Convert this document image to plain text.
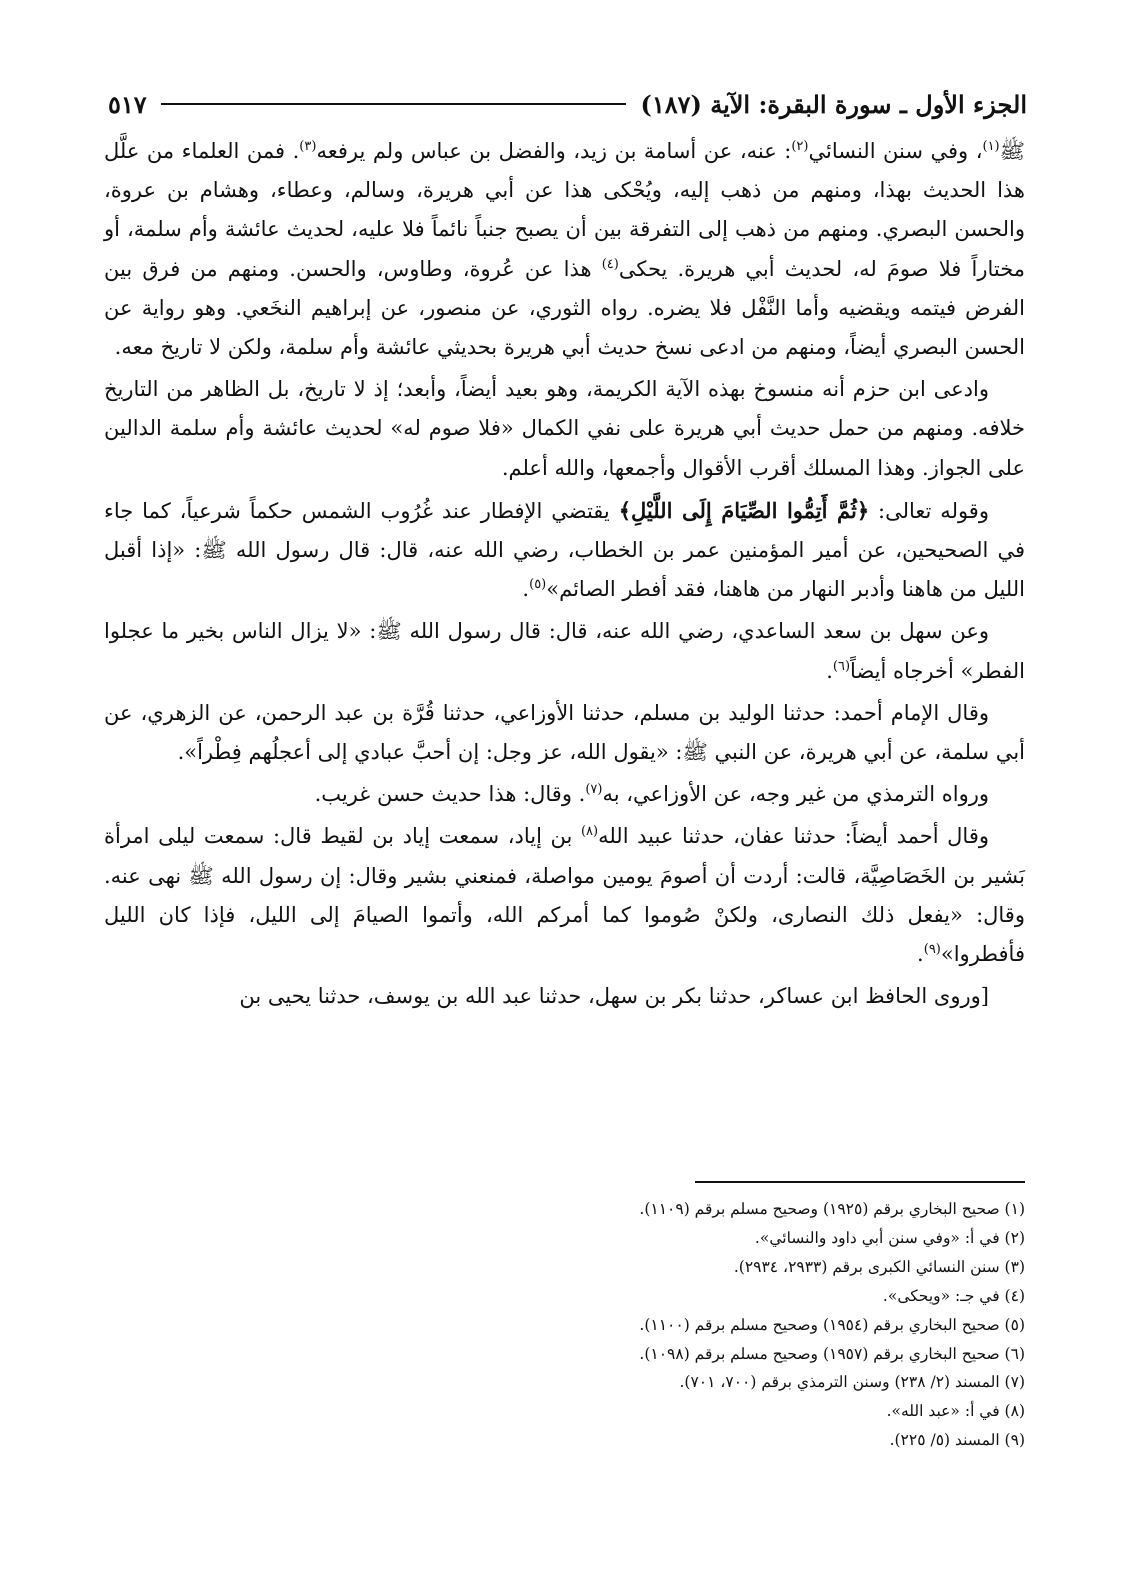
الجزء الأول ـ سورة البقرة: الآية (١٨٧)
٥١٧

ﷺ$^{(١)}$، وفي سنن النسائي$^{(٢)}$: عنه، عن أسامة بن زيد، والفضل بن عباس ولم يرفعه$^{(٣)}$. فمن العلماء من علَّل هذا الحديث بهذا، ومنهم من ذهب إليه، ويُحْكى هذا عن أبي هريرة، وسالم، وعطاء، وهشام بن عروة، والحسن البصري. ومنهم من ذهب إلى التفرقة بين أن يصبح جنباً نائماً فلا عليه، لحديث عائشة وأم سلمة، أو مختاراً فلا صومَ له، لحديث أبي هريرة. يحكى$^{(٤)}$ هذا عن عُروة، وطاوس، والحسن. ومنهم من فرق بين الفرض فيتمه ويقضيه وأما النَّفْل فلا يضره. رواه الثوري، عن منصور، عن إبراهيم النخَعي. وهو رواية عن الحسن البصري أيضاً، ومنهم من ادعى نسخ حديث أبي هريرة بحديثي عائشة وأم سلمة، ولكن لا تاريخ معه.

وادعى ابن حزم أنه منسوخ بهذه الآية الكريمة، وهو بعيد أيضاً، وأبعد؛ إذ لا تاريخ، بل الظاهر من التاريخ خلافه. ومنهم من حمل حديث أبي هريرة على نفي الكمال «فلا صوم له» لحديث عائشة وأم سلمة الدالين على الجواز. وهذا المسلك أقرب الأقوال وأجمعها، والله أعلم.

وقوله تعالى: ﴿ثُمَّ أَتِمُّوا الصِّيَامَ إِلَى اللَّيْلِ﴾ يقتضي الإفطار عند غُرُوب الشمس حكماً شرعياً، كما جاء في الصحيحين، عن أمير المؤمنين عمر بن الخطاب، رضي الله عنه، قال: قال رسول الله ﷺ: «إذا أقبل الليل من هاهنا وأدبر النهار من هاهنا، فقد أفطر الصائم»$^{(٥)}$.

وعن سهل بن سعد الساعدي، رضي الله عنه، قال: قال رسول الله ﷺ: «لا يزال الناس بخير ما عجلوا الفطر» أخرجاه أيضاً$^{(٦)}$.

وقال الإمام أحمد: حدثنا الوليد بن مسلم، حدثنا الأوزاعي، حدثنا قُرَّة بن عبد الرحمن، عن الزهري، عن أبي سلمة، عن أبي هريرة، عن النبي ﷺ: «يقول الله، عز وجل: إن أحبَّ عبادي إلى أعجلُهم فِطْراً».

ورواه الترمذي من غير وجه، عن الأوزاعي، به$^{(٧)}$. وقال: هذا حديث حسن غريب.

وقال أحمد أيضاً: حدثنا عفان، حدثنا عبيد الله$^{(٨)}$ بن إياد، سمعت إياد بن لقيط قال: سمعت ليلى امرأة بَشير بن الخَصَاصِيَّة، قالت: أردت أن أصومَ يومين مواصلة، فمنعني بشير وقال: إن رسول الله ﷺ نهى عنه. وقال: «يفعل ذلك النصارى، ولكنْ صُوموا كما أمركم الله، وأتموا الصيامَ إلى الليل، فإذا كان الليل فأفطروا»$^{(٩)}$.

[وروى الحافظ ابن عساكر، حدثنا بكر بن سهل، حدثنا عبد الله بن يوسف، حدثنا يحيى بن

(١) صحيح البخاري برقم (١٩٢٥) وصحيح مسلم برقم (١١٠٩).
(٢) في أ: «وفي سنن أبي داود والنسائي».
(٣) سنن النسائي الكبرى برقم (٢٩٣٣، ٢٩٣٤).
(٤) في جـ: «ويحكى».
(٥) صحيح البخاري برقم (١٩٥٤) وصحيح مسلم برقم (١١٠٠).
(٦) صحيح البخاري برقم (١٩٥٧) وصحيح مسلم برقم (١٠٩٨).
(٧) المسند (٢/ ٢٣٨) وسنن الترمذي برقم (٧٠٠، ٧٠١).
(٨) في أ: «عبد الله».
(٩) المسند (٥/ ٢٢٥).
